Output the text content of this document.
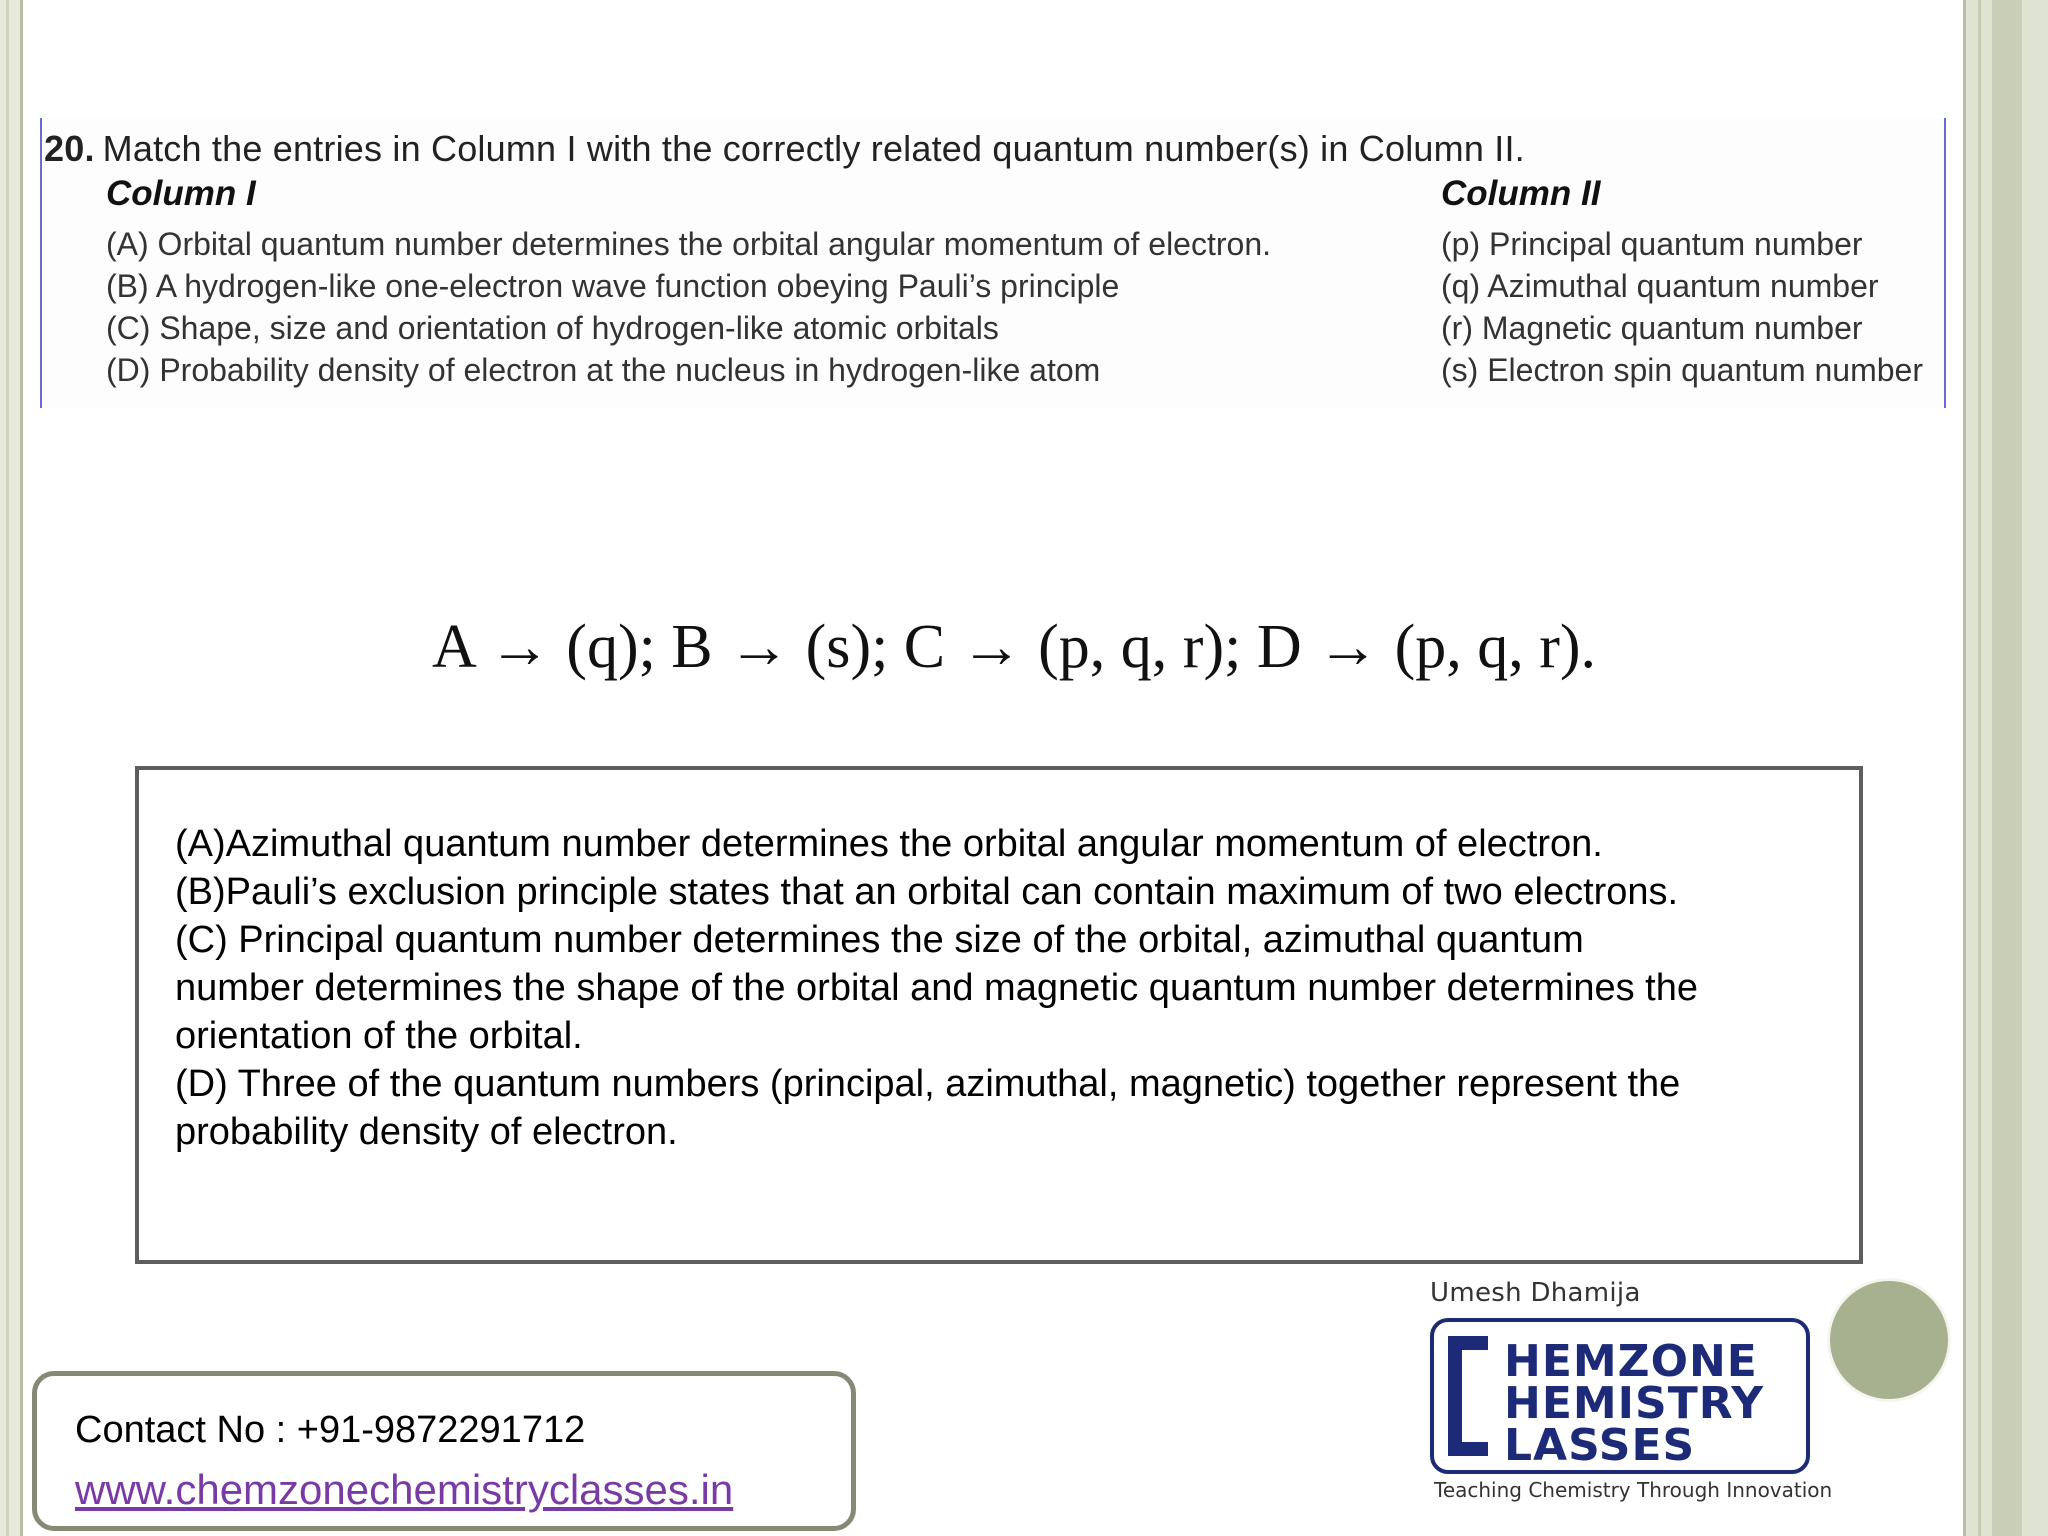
20. Match the entries in Column I with the correctly related quantum number(s) in Column II.
Column I	Column II
(A) Orbital quantum number determines the orbital angular momentum of electron.
(B) A hydrogen-like one-electron wave function obeying Pauli’s principle
(C) Shape, size and orientation of hydrogen-like atomic orbitals
(D) Probability density of electron at the nucleus in hydrogen-like atom
(p) Principal quantum number
(q) Azimuthal quantum number
(r) Magnetic quantum number
(s) Electron spin quantum number
A → (q); B → (s); C → (p, q, r); D → (p, q, r).
(A)Azimuthal quantum number determines the orbital angular momentum of electron.
(B)Pauli’s exclusion principle states that an orbital can contain maximum of two electrons.
(C) Principal quantum number determines the size of the orbital, azimuthal quantum
number determines the shape of the orbital and magnetic quantum number determines the
orientation of the orbital.
(D) Three of the quantum numbers (principal, azimuthal, magnetic) together represent the
probability density of electron.
Umesh Dhamija
HEMZONE
HEMISTRY
LASSES
Teaching Chemistry Through Innovation
Contact No : +91-9872291712
www.chemzonechemistryclasses.in
